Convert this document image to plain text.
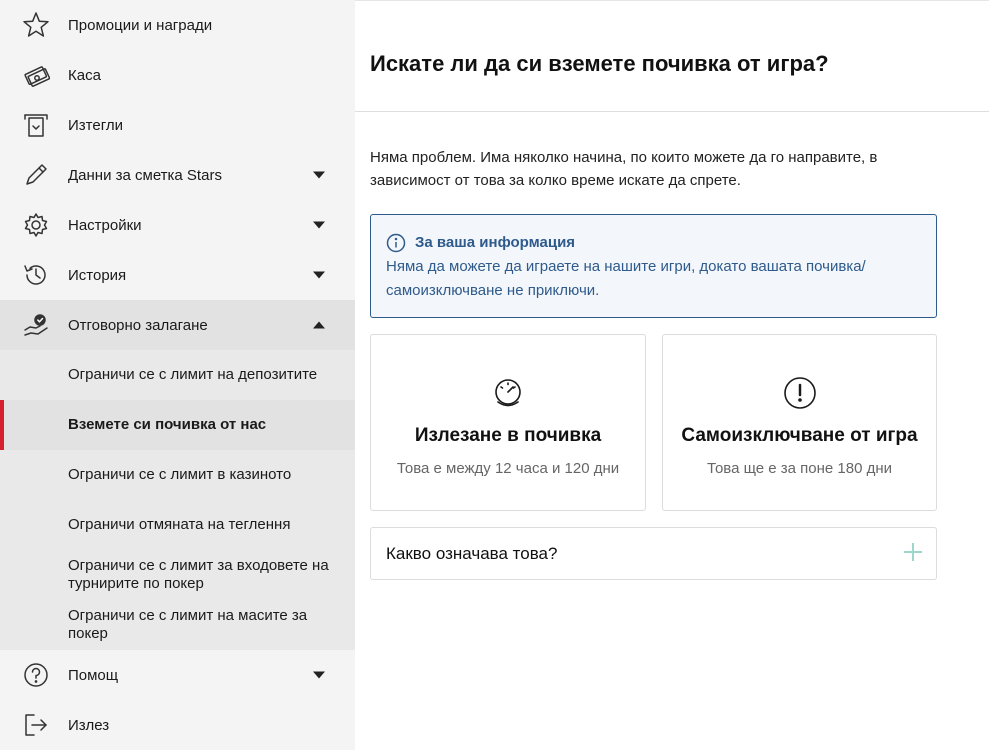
Промоции и награди
Каса
Изтегли
Данни за сметка Stars
Настройки
История
Отговорно залагане
Ограничи се с лимит на депозитите
Вземете си почивка от нас
Ограничи се с лимит в казиното
Ограничи отмяната на теглення
Ограничи се с лимит за входовете на турнирите по покер
Ограничи се с лимит на масите за покер
Помощ
Излез
Искате ли да си вземете почивка от игра?

Няма проблем. Има няколко начина, по които можете да го направите, в зависимост от това за колко време искате да спрете.

За ваша информация

Няма да можете да играете на нашите игри, докато вашата почивка/ самоизключване не приключи.

Излезане в почивка
Това е между 12 часа и 120 дни
Самоизключване от игра
Това ще е за поне 180 дни
Какво означава това?
